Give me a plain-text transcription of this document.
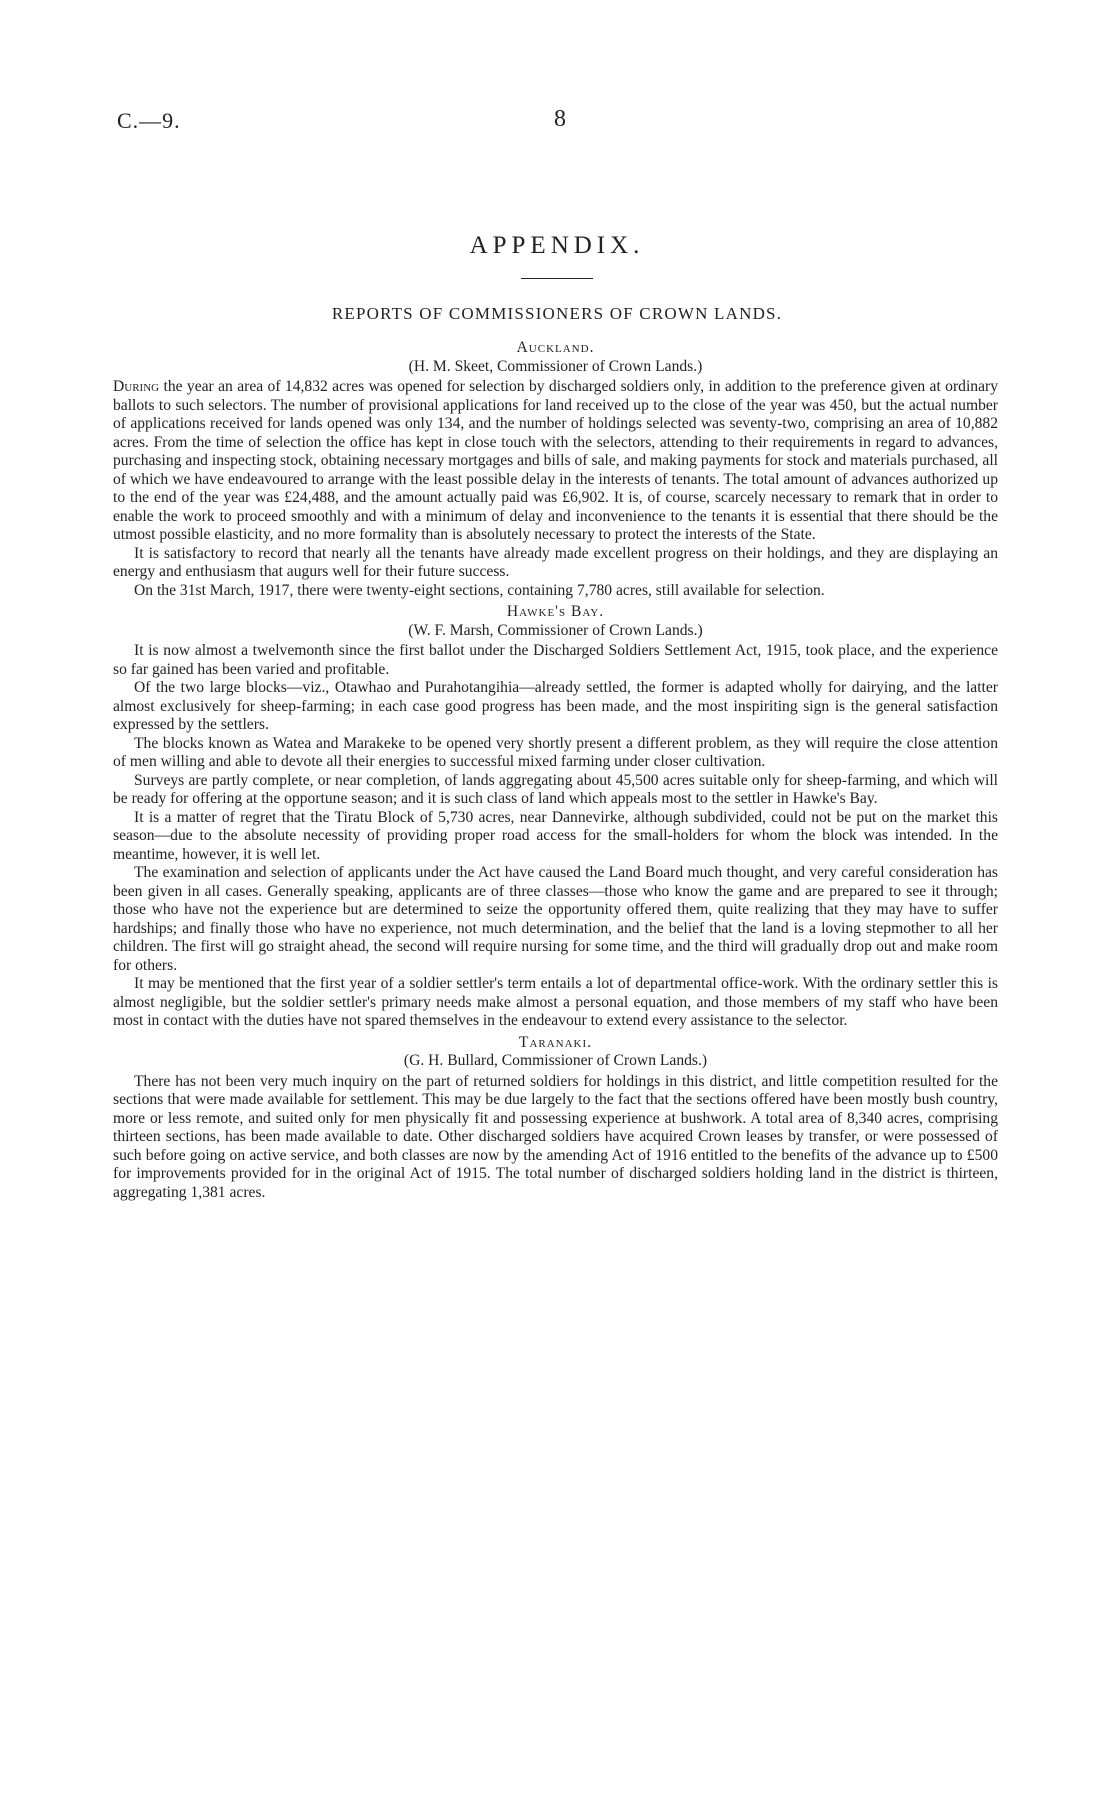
C.—9.	8
APPENDIX.
REPORTS OF COMMISSIONERS OF CROWN LANDS.
Auckland.
(H. M. Skeet, Commissioner of Crown Lands.)

During the year an area of 14,832 acres was opened for selection by discharged soldiers only, in addition to the preference given at ordinary ballots to such selectors. The number of provisional applications for land received up to the close of the year was 450, but the actual number of applications received for lands opened was only 134, and the number of holdings selected was seventy-two, comprising an area of 10,882 acres. From the time of selection the office has kept in close touch with the selectors, attending to their requirements in regard to advances, purchasing and inspecting stock, obtaining necessary mortgages and bills of sale, and making payments for stock and materials purchased, all of which we have endeavoured to arrange with the least possible delay in the interests of tenants. The total amount of advances authorized up to the end of the year was £24,488, and the amount actually paid was £6,902. It is, of course, scarcely necessary to remark that in order to enable the work to proceed smoothly and with a minimum of delay and inconvenience to the tenants it is essential that there should be the utmost possible elasticity, and no more formality than is absolutely necessary to protect the interests of the State.

It is satisfactory to record that nearly all the tenants have already made excellent progress on their holdings, and they are displaying an energy and enthusiasm that augurs well for their future success.

On the 31st March, 1917, there were twenty-eight sections, containing 7,780 acres, still available for selection.

Hawke's Bay.
(W. F. Marsh, Commissioner of Crown Lands.)

It is now almost a twelvemonth since the first ballot under the Discharged Soldiers Settlement Act, 1915, took place, and the experience so far gained has been varied and profitable.

Of the two large blocks—viz., Otawhao and Purahotangihia—already settled, the former is adapted wholly for dairying, and the latter almost exclusively for sheep-farming; in each case good progress has been made, and the most inspiriting sign is the general satisfaction expressed by the settlers.

The blocks known as Watea and Marakeke to be opened very shortly present a different problem, as they will require the close attention of men willing and able to devote all their energies to successful mixed farming under closer cultivation.

Surveys are partly complete, or near completion, of lands aggregating about 45,500 acres suitable only for sheep-farming, and which will be ready for offering at the opportune season; and it is such class of land which appeals most to the settler in Hawke's Bay.

It is a matter of regret that the Tiratu Block of 5,730 acres, near Dannevirke, although subdivided, could not be put on the market this season—due to the absolute necessity of providing proper road access for the small-holders for whom the block was intended. In the meantime, however, it is well let.

The examination and selection of applicants under the Act have caused the Land Board much thought, and very careful consideration has been given in all cases. Generally speaking, applicants are of three classes—those who know the game and are prepared to see it through; those who have not the experience but are determined to seize the opportunity offered them, quite realizing that they may have to suffer hardships; and finally those who have no experience, not much determination, and the belief that the land is a loving stepmother to all her children. The first will go straight ahead, the second will require nursing for some time, and the third will gradually drop out and make room for others.

It may be mentioned that the first year of a soldier settler's term entails a lot of departmental office-work. With the ordinary settler this is almost negligible, but the soldier settler's primary needs make almost a personal equation, and those members of my staff who have been most in contact with the duties have not spared themselves in the endeavour to extend every assistance to the selector.

Taranaki.
(G. H. Bullard, Commissioner of Crown Lands.)

There has not been very much inquiry on the part of returned soldiers for holdings in this district, and little competition resulted for the sections that were made available for settlement. This may be due largely to the fact that the sections offered have been mostly bush country, more or less remote, and suited only for men physically fit and possessing experience at bushwork. A total area of 8,340 acres, comprising thirteen sections, has been made available to date. Other discharged soldiers have acquired Crown leases by transfer, or were possessed of such before going on active service, and both classes are now by the amending Act of 1916 entitled to the benefits of the advance up to £500 for improvements provided for in the original Act of 1915. The total number of discharged soldiers holding land in the district is thirteen, aggregating 1,381 acres.
